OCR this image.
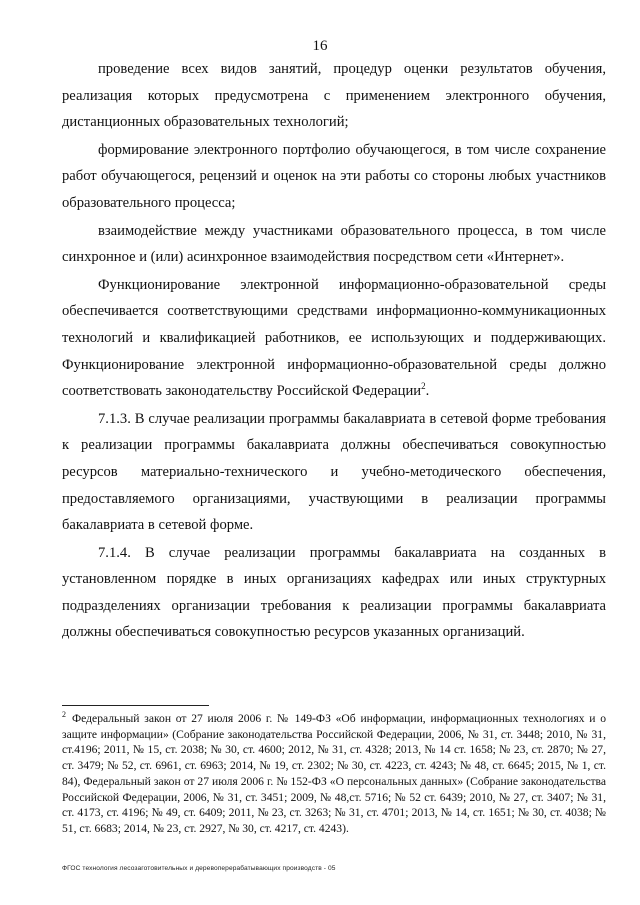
16

проведение всех видов занятий, процедур оценки результатов обучения, реализация которых предусмотрена с применением электронного обучения, дистанционных образовательных технологий;

формирование электронного портфолио обучающегося, в том числе сохранение работ обучающегося, рецензий и оценок на эти работы со стороны любых участников образовательного процесса;

взаимодействие между участниками образовательного процесса, в том числе синхронное и (или) асинхронное взаимодействия посредством сети «Интернет».

Функционирование электронной информационно-образовательной среды обеспечивается соответствующими средствами информационно-коммуникационных технологий и квалификацией работников, ее использующих и поддерживающих. Функционирование электронной информационно-образовательной среды должно соответствовать законодательству Российской Федерации$^2$.

7.1.3. В случае реализации программы бакалавриата в сетевой форме требования к реализации программы бакалавриата должны обеспечиваться совокупностью ресурсов материально-технического и учебно-методического обеспечения, предоставляемого организациями, участвующими в реализации программы бакалавриата в сетевой форме.

7.1.4. В случае реализации программы бакалавриата на созданных в установленном порядке в иных организациях кафедрах или иных структурных подразделениях организации требования к реализации программы бакалавриата должны обеспечиваться совокупностью ресурсов указанных организаций.

$^2$ Федеральный закон от 27 июля 2006 г. № 149-ФЗ «Об информации, информационных технологиях и о защите информации» (Собрание законодательства Российской Федерации, 2006, № 31, ст. 3448; 2010, № 31, ст.4196; 2011, № 15, ст. 2038; № 30, ст. 4600; 2012, № 31, ст. 4328; 2013, № 14 ст. 1658; № 23, ст. 2870; № 27, ст. 3479; № 52, ст. 6961, ст. 6963; 2014, № 19, ст. 2302; № 30, ст. 4223, ст. 4243; № 48, ст. 6645; 2015, № 1, ст. 84), Федеральный закон от 27 июля 2006 г. № 152-ФЗ «О персональных данных» (Собрание законодательства Российской Федерации, 2006, № 31, ст. 3451; 2009, № 48,ст. 5716; № 52 ст. 6439; 2010, № 27, ст. 3407; № 31, ст. 4173, ст. 4196; № 49, ст. 6409; 2011, № 23, ст. 3263; № 31, ст. 4701; 2013, № 14, ст. 1651; № 30, ст. 4038; № 51, ст. 6683; 2014, № 23, ст. 2927, № 30, ст. 4217, ст. 4243).
ФГОС технология лесозаготовительных и деревоперерабатывающих производств - 05
